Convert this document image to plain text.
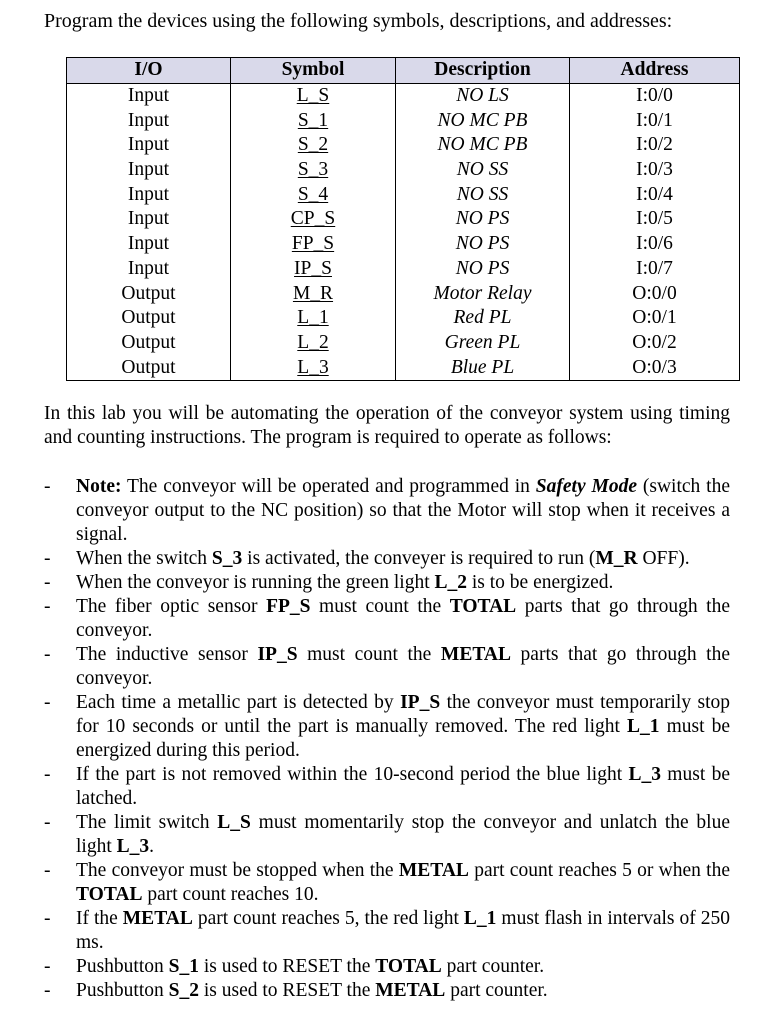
Program the devices using the following symbols, descriptions, and addresses:
I/O	Symbol	Description	Address
Input	L_S	NO LS	I:0/0
Input	S_1	NO MC PB	I:0/1
Input	S_2	NO MC PB	I:0/2
Input	S_3	NO SS	I:0/3
Input	S_4	NO SS	I:0/4
Input	CP_S	NO PS	I:0/5
Input	FP_S	NO PS	I:0/6
Input	IP_S	NO PS	I:0/7
Output	M_R	Motor Relay	O:0/0
Output	L_1	Red PL	O:0/1
Output	L_2	Green PL	O:0/2
Output	L_3	Blue PL	O:0/3
In this lab you will be automating the operation of the conveyor system using timing and counting instructions. The program is required to operate as follows:
- Note: The conveyor will be operated and programmed in Safety Mode (switch the conveyor output to the NC position) so that the Motor will stop when it receives a signal.
- When the switch S_3 is activated, the conveyer is required to run (M_R OFF).
- When the conveyor is running the green light L_2 is to be energized.
- The fiber optic sensor FP_S must count the TOTAL parts that go through the conveyor.
- The inductive sensor IP_S must count the METAL parts that go through the conveyor.
- Each time a metallic part is detected by IP_S the conveyor must temporarily stop for 10 seconds or until the part is manually removed. The red light L_1 must be energized during this period.
- If the part is not removed within the 10-second period the blue light L_3 must be latched.
- The limit switch L_S must momentarily stop the conveyor and unlatch the blue light L_3.
- The conveyor must be stopped when the METAL part count reaches 5 or when the TOTAL part count reaches 10.
- If the METAL part count reaches 5, the red light L_1 must flash in intervals of 250 ms.
- Pushbutton S_1 is used to RESET the TOTAL part counter.
- Pushbutton S_2 is used to RESET the METAL part counter.
